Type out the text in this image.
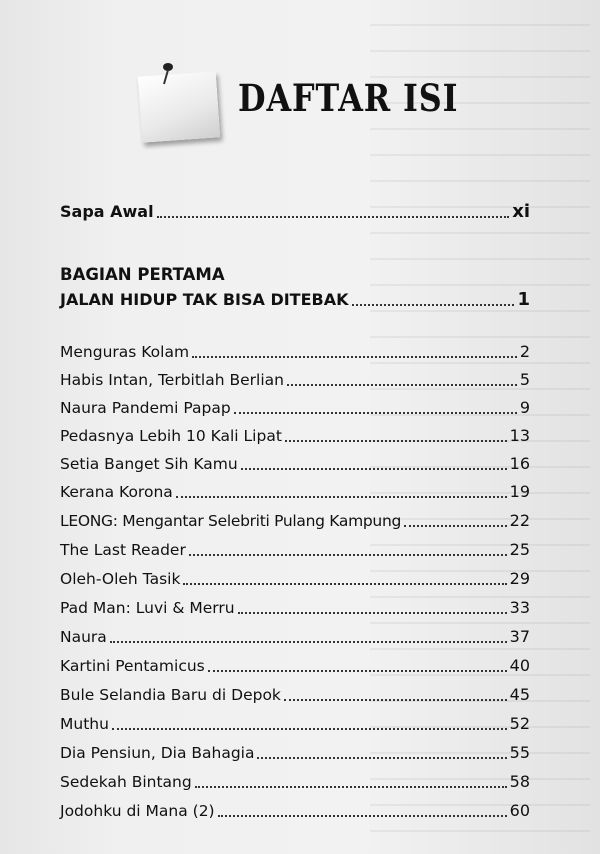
DAFTAR ISI
Sapa Awal	xi
BAGIAN PERTAMA
JALAN HIDUP TAK BISA DITEBAK	1
Menguras Kolam	2
Habis Intan, Terbitlah Berlian	5
Naura Pandemi Papap	9
Pedasnya Lebih 10 Kali Lipat	13
Setia Banget Sih Kamu	16
Kerana Korona	19
LEONG: Mengantar Selebriti Pulang Kampung	22
The Last Reader	25
Oleh-Oleh Tasik	29
Pad Man: Luvi & Merru	33
Naura	37
Kartini Pentamicus	40
Bule Selandia Baru di Depok	45
Muthu	52
Dia Pensiun, Dia Bahagia	55
Sedekah Bintang	58
Jodohku di Mana (2)	60
